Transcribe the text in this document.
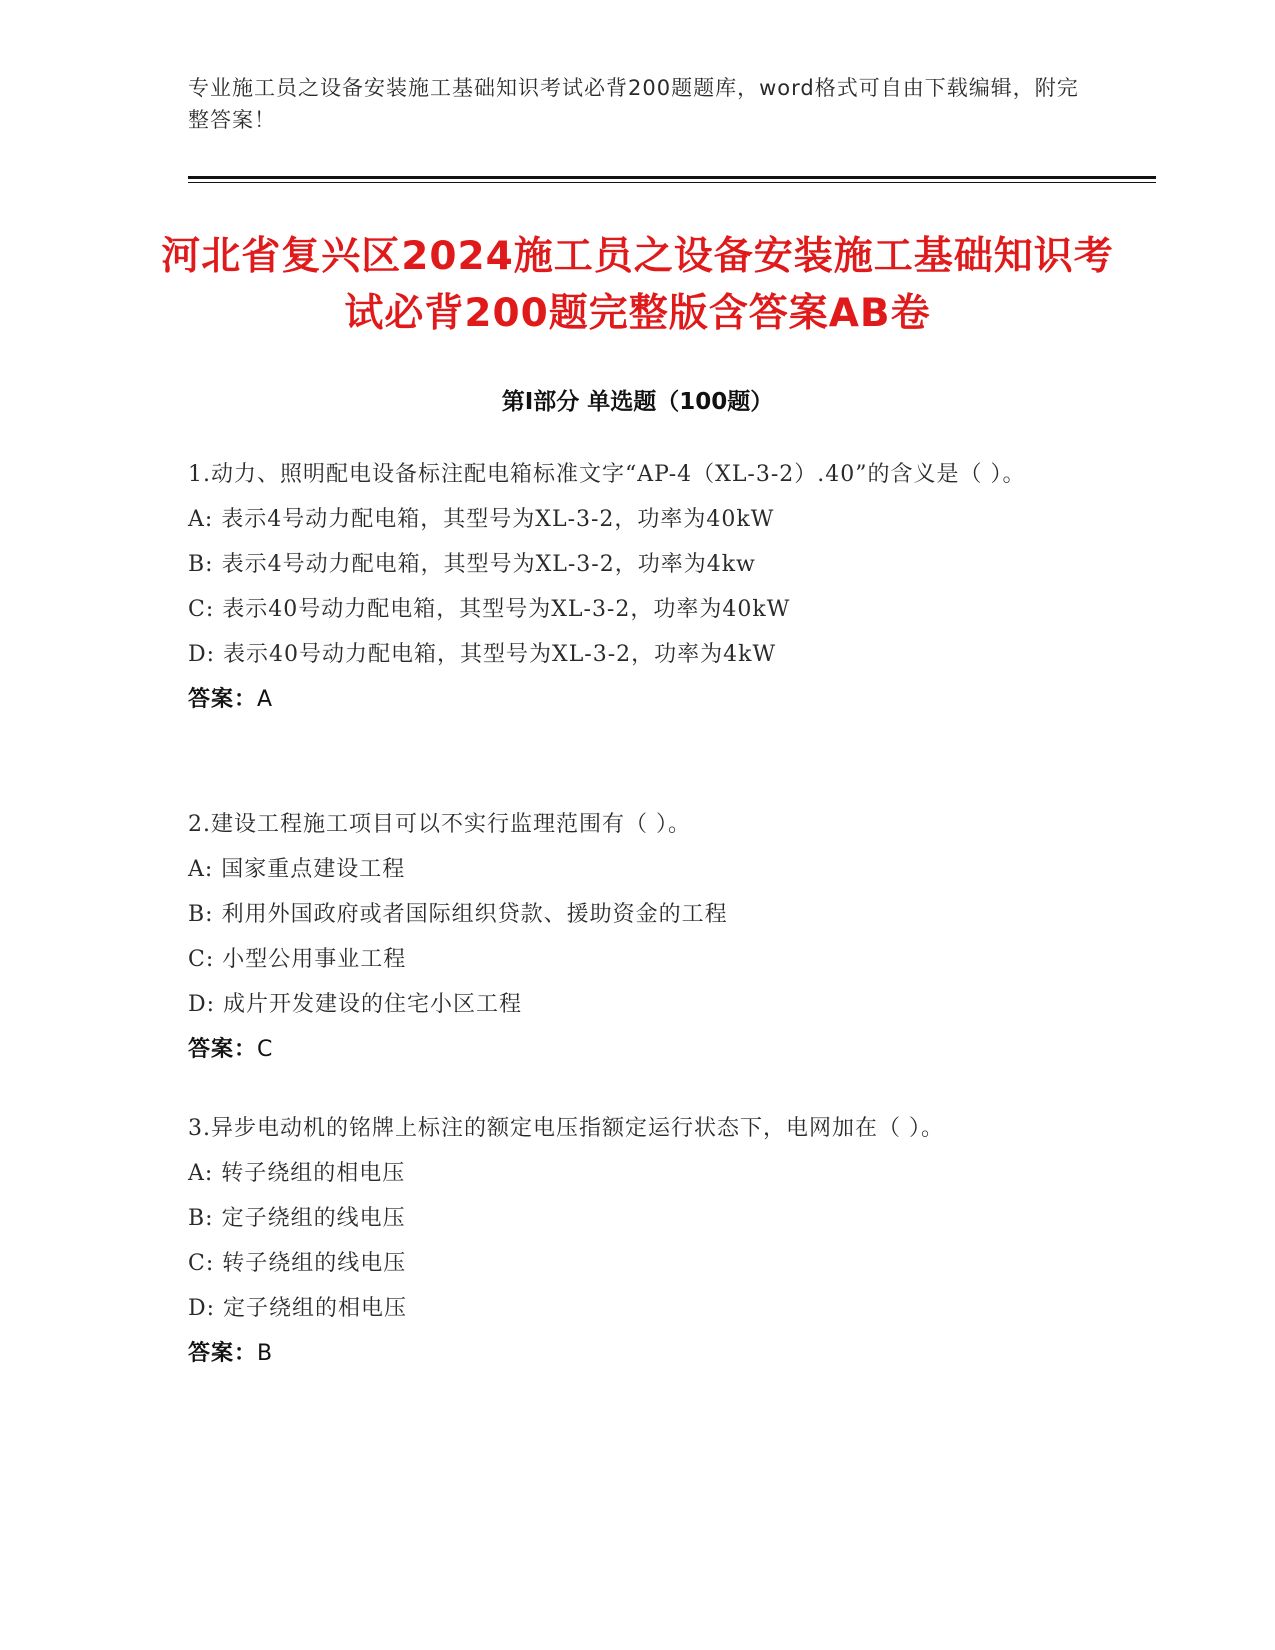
专业施工员之设备安装施工基础知识考试必背200题题库，word格式可自由下载编辑，附完整答案！
河北省复兴区2024施工员之设备安装施工基础知识考试必背200题完整版含答案AB卷
第Ⅰ部分 单选题（100题）
1.动力、照明配电设备标注配电箱标准文字“AP-4（XL-3-2）.40”的含义是（ ）。
A: 表示4号动力配电箱，其型号为XL-3-2，功率为40kW
B: 表示4号动力配电箱，其型号为XL-3-2，功率为4kw
C: 表示40号动力配电箱，其型号为XL-3-2，功率为40kW
D: 表示40号动力配电箱，其型号为XL-3-2，功率为4kW
答案：A
2.建设工程施工项目可以不实行监理范围有（ ）。
A: 国家重点建设工程
B: 利用外国政府或者国际组织贷款、援助资金的工程
C: 小型公用事业工程
D: 成片开发建设的住宅小区工程
答案：C
3.异步电动机的铭牌上标注的额定电压指额定运行状态下，电网加在（ ）。
A: 转子绕组的相电压
B: 定子绕组的线电压
C: 转子绕组的线电压
D: 定子绕组的相电压
答案：B
